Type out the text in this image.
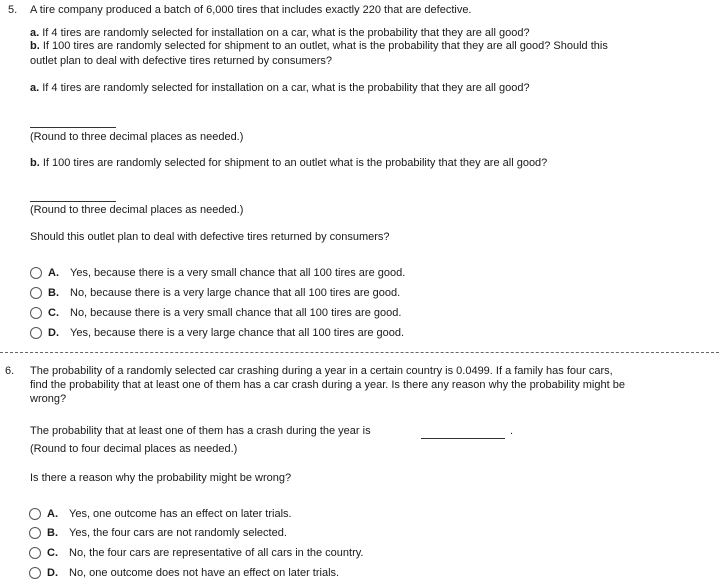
5. A tire company produced a batch of 6,000 tires that includes exactly 220 that are defective.
a. If 4 tires are randomly selected for installation on a car, what is the probability that they are all good?
b. If 100 tires are randomly selected for shipment to an outlet, what is the probability that they are all good? Should this
outlet plan to deal with defective tires returned by consumers?
a. If 4 tires are randomly selected for installation on a car, what is the probability that they are all good?
(Round to three decimal places as needed.)
b. If 100 tires are randomly selected for shipment to an outlet what is the probability that they are all good?
(Round to three decimal places as needed.)
Should this outlet plan to deal with defective tires returned by consumers?
A. Yes, because there is a very small chance that all 100 tires are good.
B. No, because there is a very large chance that all 100 tires are good.
C. No, because there is a very small chance that all 100 tires are good.
D. Yes, because there is a very large chance that all 100 tires are good.
6. The probability of a randomly selected car crashing during a year in a certain country is 0.0499. If a family has four cars,
find the probability that at least one of them has a car crash during a year. Is there any reason why the probability might be
wrong?
The probability that at least one of them has a crash during the year is	.
(Round to four decimal places as needed.)
Is there a reason why the probability might be wrong?
A. Yes, one outcome has an effect on later trials.
B. Yes, the four cars are not randomly selected.
C. No, the four cars are representative of all cars in the country.
D. No, one outcome does not have an effect on later trials.
